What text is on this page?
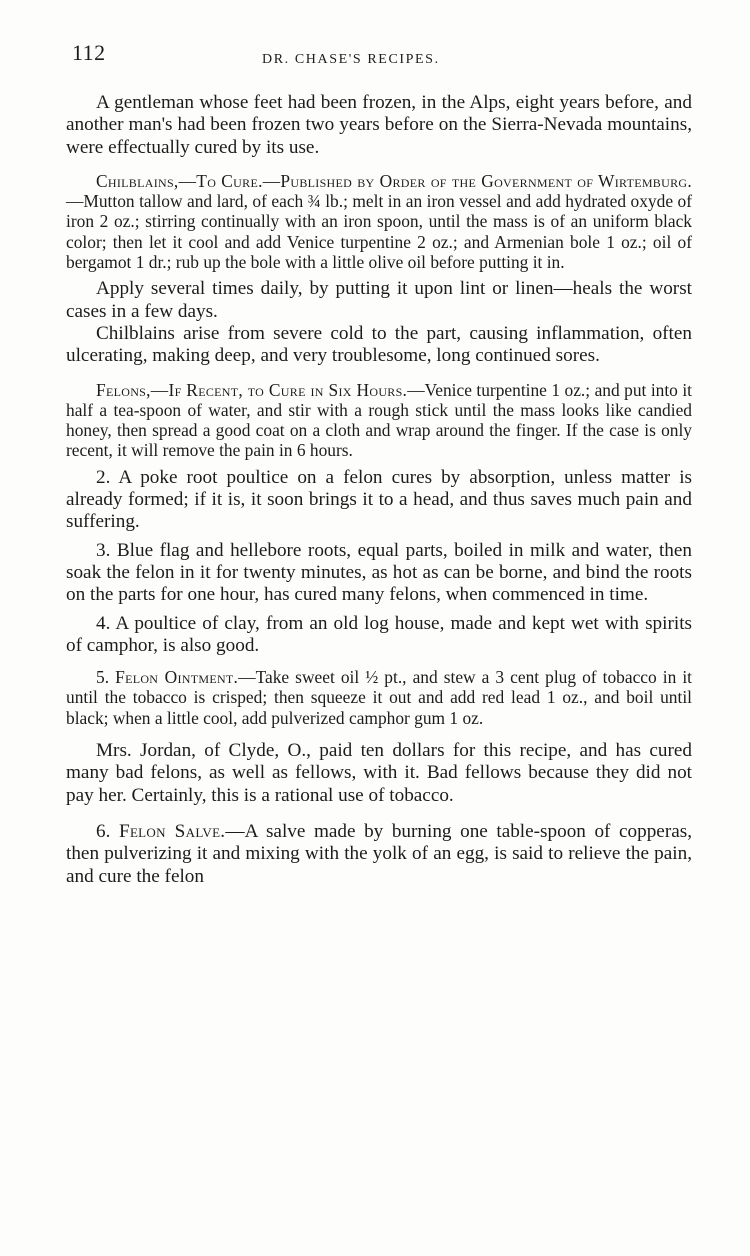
112	DR. CHASE'S RECIPES.

A gentleman whose feet had been frozen, in the Alps, eight years before, and another man's had been frozen two years before on the Sierra-Nevada mountains, were effectually cured by its use.

Chilblains,—To Cure.—Published by Order of the Government of Wirtemburg.—Mutton tallow and lard, of each ¾ lb.; melt in an iron vessel and add hydrated oxyde of iron 2 oz.; stirring continually with an iron spoon, until the mass is of an uniform black color; then let it cool and add Venice turpentine 2 oz.; and Armenian bole 1 oz.; oil of bergamot 1 dr.; rub up the bole with a little olive oil before putting it in.

Apply several times daily, by putting it upon lint or linen—heals the worst cases in a few days.

Chilblains arise from severe cold to the part, causing inflammation, often ulcerating, making deep, and very troublesome, long continued sores.

Felons,—If Recent, to Cure in Six Hours.—Venice turpentine 1 oz.; and put into it half a tea-spoon of water, and stir with a rough stick until the mass looks like candied honey, then spread a good coat on a cloth and wrap around the finger. If the case is only recent, it will remove the pain in 6 hours.

2. A poke root poultice on a felon cures by absorption, unless matter is already formed; if it is, it soon brings it to a head, and thus saves much pain and suffering.

3. Blue flag and hellebore roots, equal parts, boiled in milk and water, then soak the felon in it for twenty minutes, as hot as can be borne, and bind the roots on the parts for one hour, has cured many felons, when commenced in time.

4. A poultice of clay, from an old log house, made and kept wet with spirits of camphor, is also good.

5. Felon Ointment.—Take sweet oil ½ pt., and stew a 3 cent plug of tobacco in it until the tobacco is crisped; then squeeze it out and add red lead 1 oz., and boil until black; when a little cool, add pulverized camphor gum 1 oz.

Mrs. Jordan, of Clyde, O., paid ten dollars for this recipe, and has cured many bad felons, as well as fellows, with it. Bad fellows because they did not pay her. Certainly, this is a rational use of tobacco.

6. Felon Salve.—A salve made by burning one table-spoon of copperas, then pulverizing it and mixing with the yolk of an egg, is said to relieve the pain, and cure the felon
